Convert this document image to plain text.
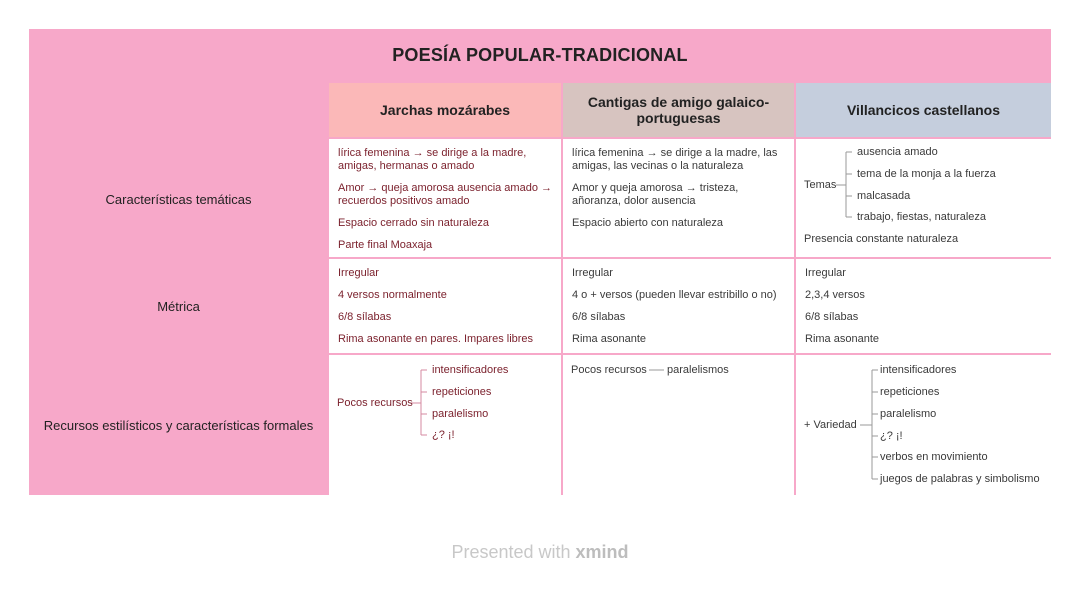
POESÍA POPULAR-TRADICIONAL
Características temáticas
Métrica
Recursos estilísticos y características formales
Jarchas mozárabes	Cantigas de amigo galaico-portuguesas	Villancicos castellanos
lírica femenina → se dirige a la madre, amigas, hermanas o amado
Amor → queja amorosa ausencia amado → recuerdos positivos amado
Espacio cerrado sin naturaleza
Parte final Moaxaja
lírica femenina → se dirige a la madre, las amigas, las vecinas o la naturaleza
Amor y queja amorosa → tristeza, añoranza, dolor ausencia
Espacio abierto con naturaleza
Temas
ausencia amado
tema de la monja a la fuerza
malcasada
trabajo, fiestas, naturaleza
Presencia constante naturaleza
Irregular
4 versos normalmente
6/8 sílabas
Rima asonante en pares. Impares libres
Irregular
4 o + versos (pueden llevar estribillo o no)
6/8 sílabas
Rima asonante
Irregular
2,3,4 versos
6/8 sílabas
Rima asonante
Pocos recursos
intensificadores
repeticiones
paralelismo
¿? ¡!
Pocos recursos paralelismos
+ Variedad
intensificadores
repeticiones
paralelismo
¿? ¡!
verbos en movimiento
juegos de palabras y simbolismo
Presented with xmind
